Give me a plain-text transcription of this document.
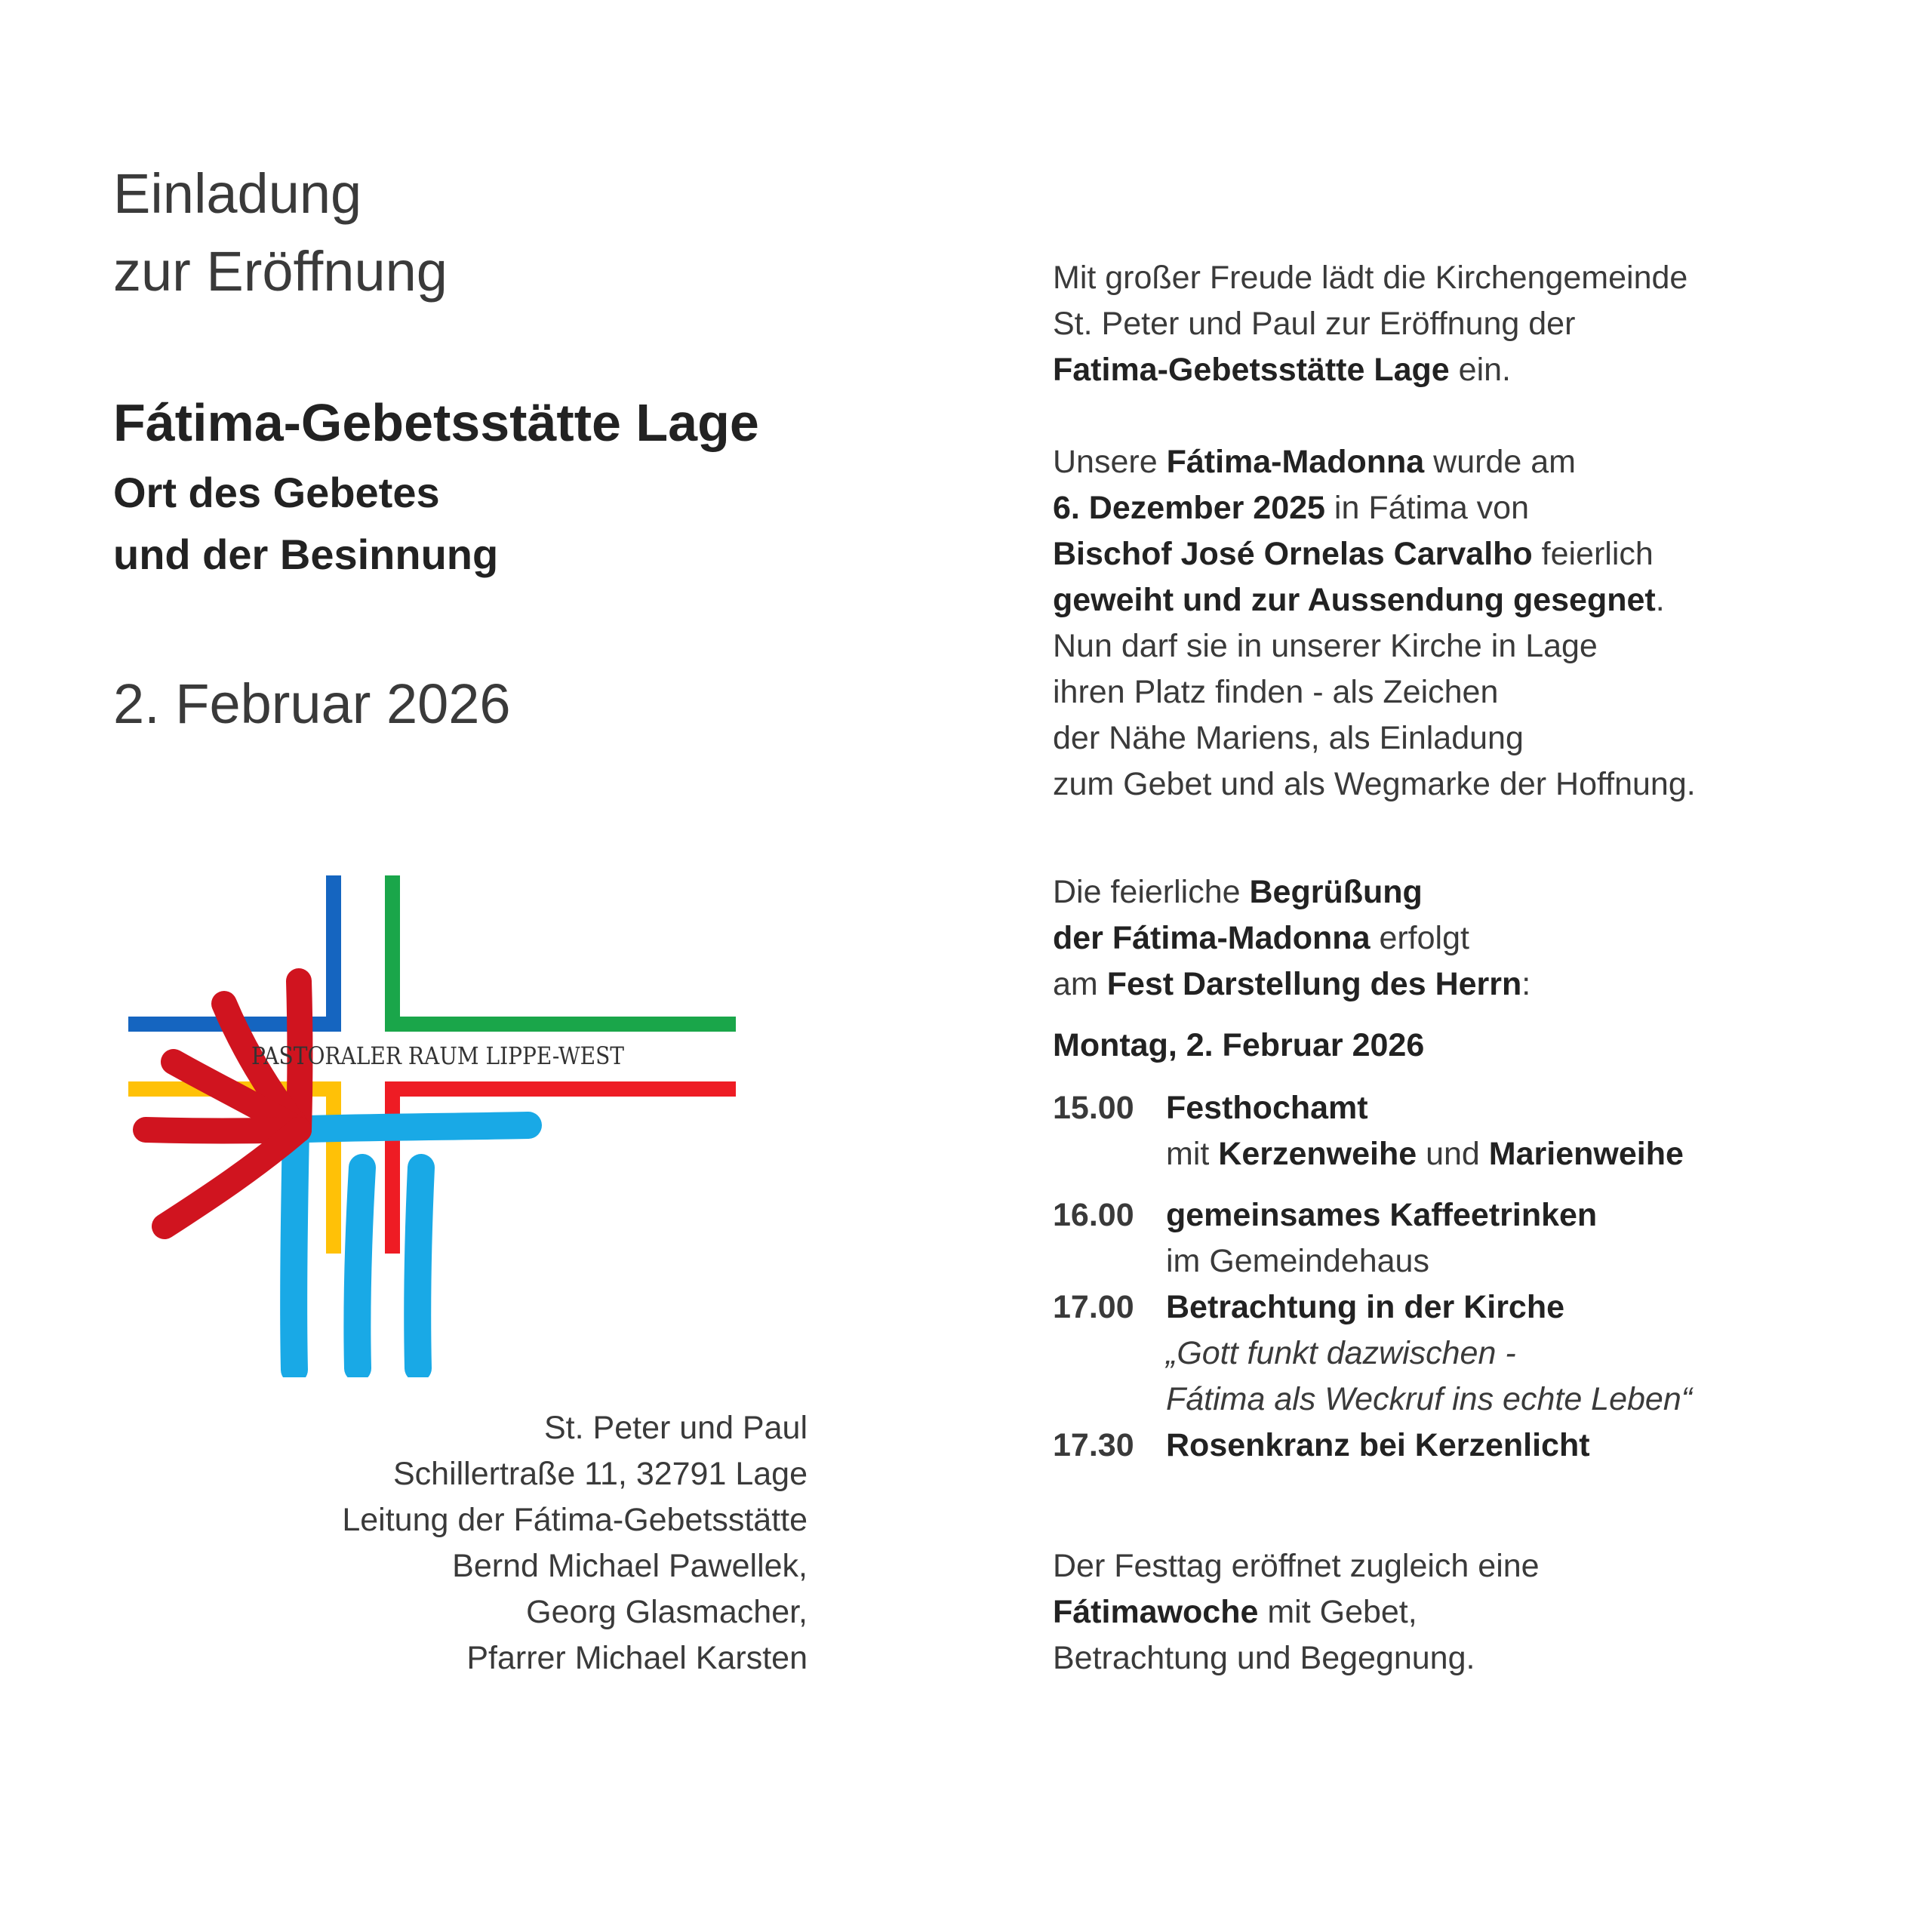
Einladung
zur Eröffnung
Fátima-Gebetsstätte Lage
Ort des Gebetes
und der Besinnung
2. Februar 2026
PASTORALER RAUM LIPPE-WEST
St. Peter und Paul
Schillertraße 11, 32791 Lage
Leitung der Fátima-Gebetsstätte
Bernd Michael Pawellek,
Georg Glasmacher,
Pfarrer Michael Karsten
Mit großer Freude lädt die Kirchengemeinde
St. Peter und Paul zur Eröffnung der
Fatima-Gebetsstätte Lage ein.
Unsere Fátima-Madonna wurde am
6. Dezember 2025 in Fátima von
Bischof José Ornelas Carvalho feierlich
geweiht und zur Aussendung gesegnet.
Nun darf sie in unserer Kirche in Lage
ihren Platz finden - als Zeichen
der Nähe Mariens, als Einladung
zum Gebet und als Wegmarke der Hoffnung.
Die feierliche Begrüßung
der Fátima-Madonna erfolgt
am Fest Darstellung des Herrn:
Montag, 2. Februar 2026
15.00 Festhochamt
mit Kerzenweihe und Marienweihe
16.00 gemeinsames Kaffeetrinken
im Gemeindehaus
17.00 Betrachtung in der Kirche
„Gott funkt dazwischen -
Fátima als Weckruf ins echte Leben“
17.30 Rosenkranz bei Kerzenlicht
Der Festtag eröffnet zugleich eine
Fátimawoche mit Gebet,
Betrachtung und Begegnung.
